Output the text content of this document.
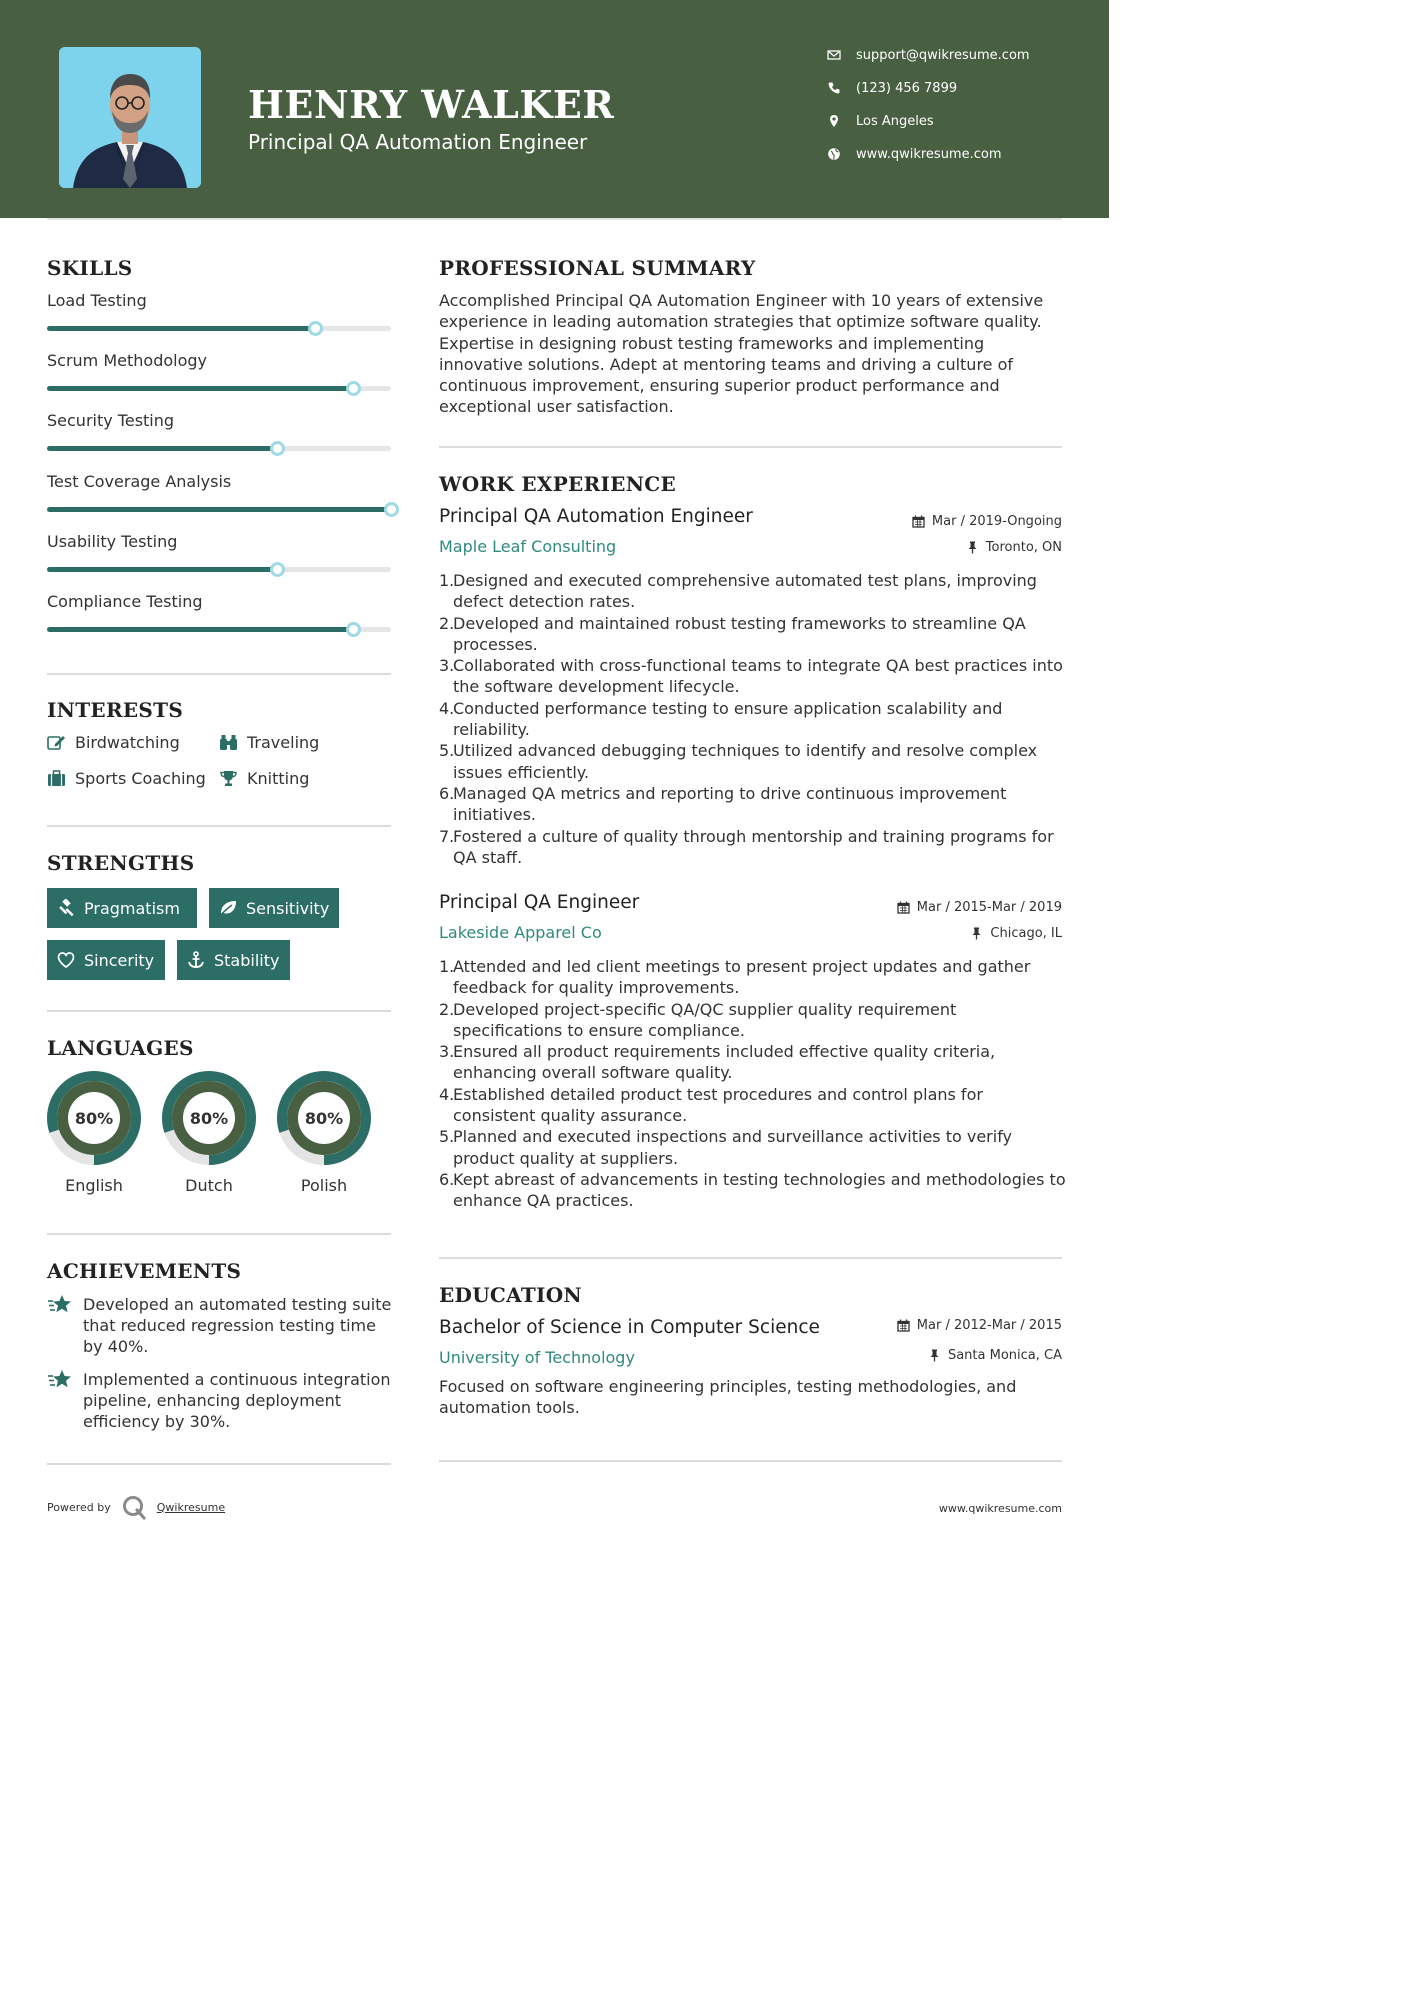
HENRY WALKER
Principal QA Automation Engineer
support@qwikresume.com
(123) 456 7899
Los Angeles
www.qwikresume.com
SKILLS
Load Testing
Scrum Methodology
Security Testing
Test Coverage Analysis
Usability Testing
Compliance Testing
INTERESTS
Birdwatching	Traveling
Sports Coaching	Knitting
STRENGTHS
Pragmatism	Sensitivity
Sincerity	Stability
LANGUAGES
80%
English
80%
Dutch
80%
Polish
ACHIEVEMENTS
Developed an automated testing suite that reduced regression testing time by 40%.
Implemented a continuous integration pipeline, enhancing deployment efficiency by 30%.
PROFESSIONAL SUMMARY
Accomplished Principal QA Automation Engineer with 10 years of extensive experience in leading automation strategies that optimize software quality. Expertise in designing robust testing frameworks and implementing innovative solutions. Adept at mentoring teams and driving a culture of continuous improvement, ensuring superior product performance and exceptional user satisfaction.
WORK EXPERIENCE
Principal QA Automation Engineer	Mar / 2019-Ongoing
Maple Leaf Consulting	Toronto, ON
1.
Designed and executed comprehensive automated test plans, improving defect detection rates.
2.
Developed and maintained robust testing frameworks to streamline QA processes.
3.
Collaborated with cross-functional teams to integrate QA best practices into the software development lifecycle.
4.
Conducted performance testing to ensure application scalability and reliability.
5.
Utilized advanced debugging techniques to identify and resolve complex issues efficiently.
6.
Managed QA metrics and reporting to drive continuous improvement initiatives.
7.
Fostered a culture of quality through mentorship and training programs for QA staff.
Principal QA Engineer	Mar / 2015-Mar / 2019
Lakeside Apparel Co	Chicago, IL
1.
Attended and led client meetings to present project updates and gather feedback for quality improvements.
2.
Developed project-specific QA/QC supplier quality requirement specifications to ensure compliance.
3.
Ensured all product requirements included effective quality criteria, enhancing overall software quality.
4.
Established detailed product test procedures and control plans for consistent quality assurance.
5.
Planned and executed inspections and surveillance activities to verify product quality at suppliers.
6.
Kept abreast of advancements in testing technologies and methodologies to enhance QA practices.
EDUCATION
Bachelor of Science in Computer Science	Mar / 2012-Mar / 2015
University of Technology	Santa Monica, CA
Focused on software engineering principles, testing methodologies, and automation tools.
Powered by	Qwikresume	www.qwikresume.com
